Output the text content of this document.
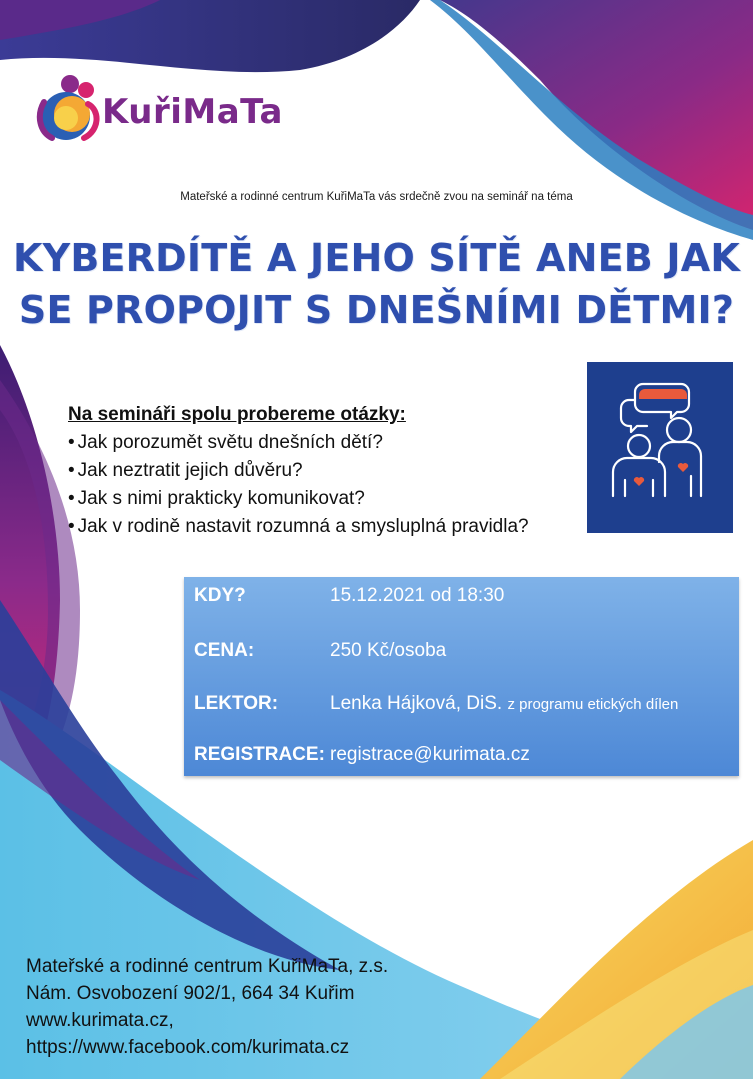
KuřiMaTa
Mateřské a rodinné centrum KuřiMaTa vás srdečně zvou na seminář na téma
KYBERDÍTĚ A JEHO SÍTĚ ANEB JAK
SE PROPOJIT S DNEŠNÍMI DĚTMI?
Na semináři spolu probereme otázky:
• Jak porozumět světu dnešních dětí?
• Jak neztratit jejich důvěru?
• Jak s nimi prakticky komunikovat?
• Jak v rodině nastavit rozumná a smysluplná pravidla?
KDY?	15.12.2021 od 18:30
CENA:	250 Kč/osoba
LEKTOR:	Lenka Hájková, DiS. z programu etických dílen
REGISTRACE: registrace@kurimata.cz
Mateřské a rodinné centrum KuřiMaTa, z.s.
Nám. Osvobození 902/1, 664 34 Kuřim
www.kurimata.cz,
https://www.facebook.com/kurimata.cz
